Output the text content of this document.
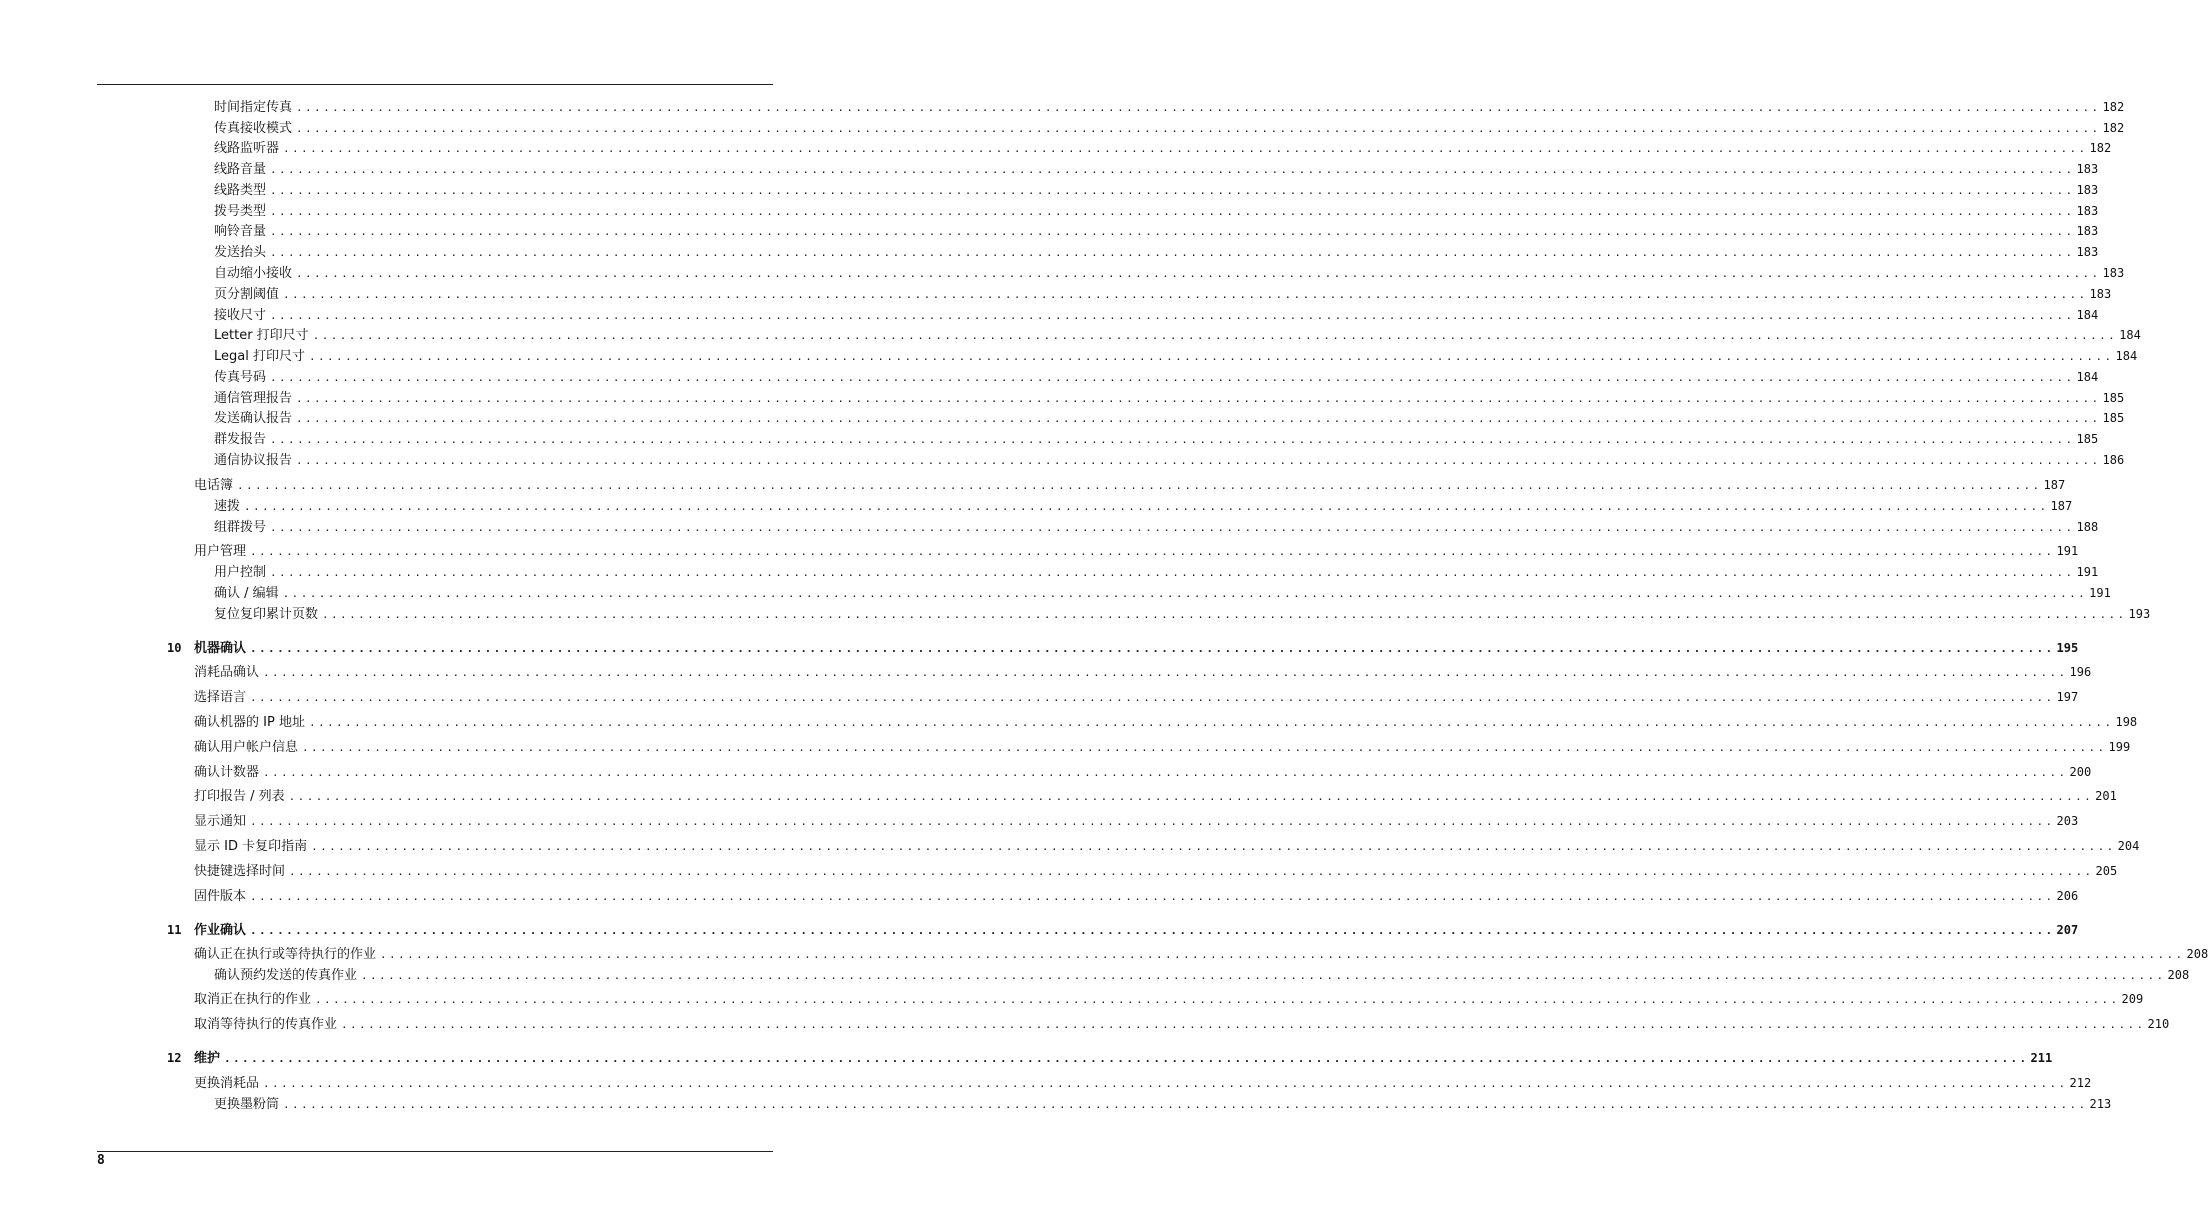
时间指定传真 ........................................................................................................................................................................................................ 182
传真接收模式 ........................................................................................................................................................................................................ 182
线路监听器 ........................................................................................................................................................................................................ 182
线路音量 ........................................................................................................................................................................................................ 183
线路类型 ........................................................................................................................................................................................................ 183
拨号类型 ........................................................................................................................................................................................................ 183
响铃音量 ........................................................................................................................................................................................................ 183
发送抬头 ........................................................................................................................................................................................................ 183
自动缩小接收 ........................................................................................................................................................................................................ 183
页分割阈值 ........................................................................................................................................................................................................ 183
接收尺寸 ........................................................................................................................................................................................................ 184
Letter 打印尺寸 ........................................................................................................................................................................................................ 184
Legal 打印尺寸 ........................................................................................................................................................................................................ 184
传真号码 ........................................................................................................................................................................................................ 184
通信管理报告 ........................................................................................................................................................................................................ 185
发送确认报告 ........................................................................................................................................................................................................ 185
群发报告 ........................................................................................................................................................................................................ 185
通信协议报告 ........................................................................................................................................................................................................ 186
电话簿 ........................................................................................................................................................................................................ 187
速拨 ........................................................................................................................................................................................................ 187
组群拨号 ........................................................................................................................................................................................................ 188
用户管理 ........................................................................................................................................................................................................ 191
用户控制 ........................................................................................................................................................................................................ 191
确认 / 编辑 ........................................................................................................................................................................................................ 191
复位复印累计页数 ........................................................................................................................................................................................................ 193
10 机器确认 ........................................................................................................................................................................................................ 195
消耗品确认 ........................................................................................................................................................................................................ 196
选择语言 ........................................................................................................................................................................................................ 197
确认机器的 IP 地址 ........................................................................................................................................................................................................ 198
确认用户帐户信息 ........................................................................................................................................................................................................ 199
确认计数器 ........................................................................................................................................................................................................ 200
打印报告 / 列表 ........................................................................................................................................................................................................ 201
显示通知 ........................................................................................................................................................................................................ 203
显示 ID 卡复印指南 ........................................................................................................................................................................................................ 204
快捷键选择时间 ........................................................................................................................................................................................................ 205
固件版本 ........................................................................................................................................................................................................ 206
11 作业确认 ........................................................................................................................................................................................................ 207
确认正在执行或等待执行的作业 ........................................................................................................................................................................................................ 208
确认预约发送的传真作业 ........................................................................................................................................................................................................ 208
取消正在执行的作业 ........................................................................................................................................................................................................ 209
取消等待执行的传真作业 ........................................................................................................................................................................................................ 210
12 维护 ........................................................................................................................................................................................................ 211
更换消耗品 ........................................................................................................................................................................................................ 212
更换墨粉筒 ........................................................................................................................................................................................................ 213
8
